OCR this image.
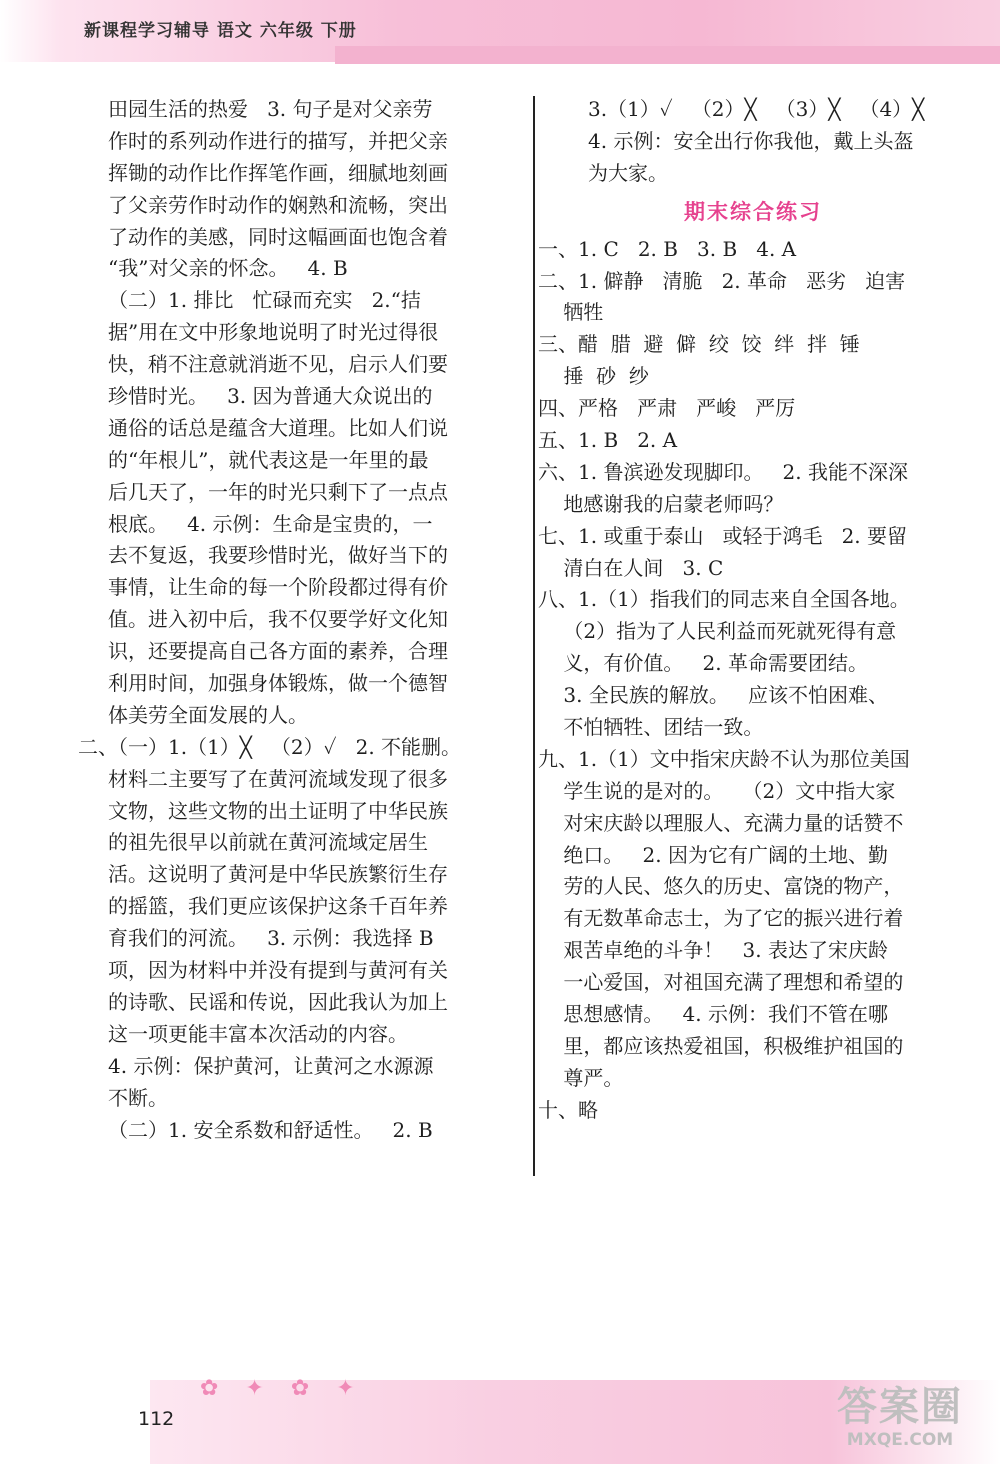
新课程学习辅导 语文 六年级 下册
田园生活的热爱   3. 句子是对父亲劳
作时的系列动作进行的描写，并把父亲
挥锄的动作比作挥笔作画，细腻地刻画
了父亲劳作时动作的娴熟和流畅，突出
了动作的美感，同时这幅画面也饱含着
“我”对父亲的怀念。   4. B
（二）1. 排比   忙碌而充实   2.“拮
据”用在文中形象地说明了时光过得很
快，稍不注意就消逝不见，启示人们要
珍惜时光。   3. 因为普通大众说出的
通俗的话总是蕴含大道理。比如人们说
的“年根儿”，就代表这是一年里的最
后几天了，一年的时光只剩下了一点点
根底。   4. 示例：生命是宝贵的，一
去不复返，我要珍惜时光，做好当下的
事情，让生命的每一个阶段都过得有价
值。进入初中后，我不仅要学好文化知
识，还要提高自己各方面的素养，合理
利用时间，加强身体锻炼，做一个德智
体美劳全面发展的人。
二、（一）1.（1）╳   （2）✓   2. 不能删。
材料二主要写了在黄河流域发现了很多
文物，这些文物的出土证明了中华民族
的祖先很早以前就在黄河流域定居生
活。这说明了黄河是中华民族繁衍生存
的摇篮，我们更应该保护这条千百年养
育我们的河流。   3. 示例：我选择 B
项，因为材料中并没有提到与黄河有关
的诗歌、民谣和传说，因此我认为加上
这一项更能丰富本次活动的内容。
4. 示例：保护黄河，让黄河之水源源
不断。
（二）1. 安全系数和舒适性。   2. B
3.（1）✓   （2）╳   （3）╳   （4）╳
4. 示例：安全出行你我他，戴上头盔
为大家。
期末综合练习
一、1. C   2. B   3. B   4. A
二、1. 僻静   清脆   2. 革命   恶劣   迫害
牺牲
三、醋  腊  避  僻  绞  饺  绊  拌  锤
捶  砂  纱
四、严格   严肃   严峻   严厉
五、1. B   2. A
六、1. 鲁滨逊发现脚印。   2. 我能不深深
地感谢我的启蒙老师吗？
七、1. 或重于泰山   或轻于鸿毛   2. 要留
清白在人间   3. C
八、1.（1）指我们的同志来自全国各地。
（2）指为了人民利益而死就死得有意
义，有价值。   2. 革命需要团结。
3. 全民族的解放。   应该不怕困难、
不怕牺牲、团结一致。
九、1.（1）文中指宋庆龄不认为那位美国
学生说的是对的。   （2）文中指大家
对宋庆龄以理服人、充满力量的话赞不
绝口。   2. 因为它有广阔的土地、勤
劳的人民、悠久的历史、富饶的物产，
有无数革命志士，为了它的振兴进行着
艰苦卓绝的斗争！   3. 表达了宋庆龄
一心爱国，对祖国充满了理想和希望的
思想感情。   4. 示例：我们不管在哪
里，都应该热爱祖国，积极维护祖国的
尊严。
十、略
✿ ✦ ✿ ✦
112	答案圈
MXQE.COM
